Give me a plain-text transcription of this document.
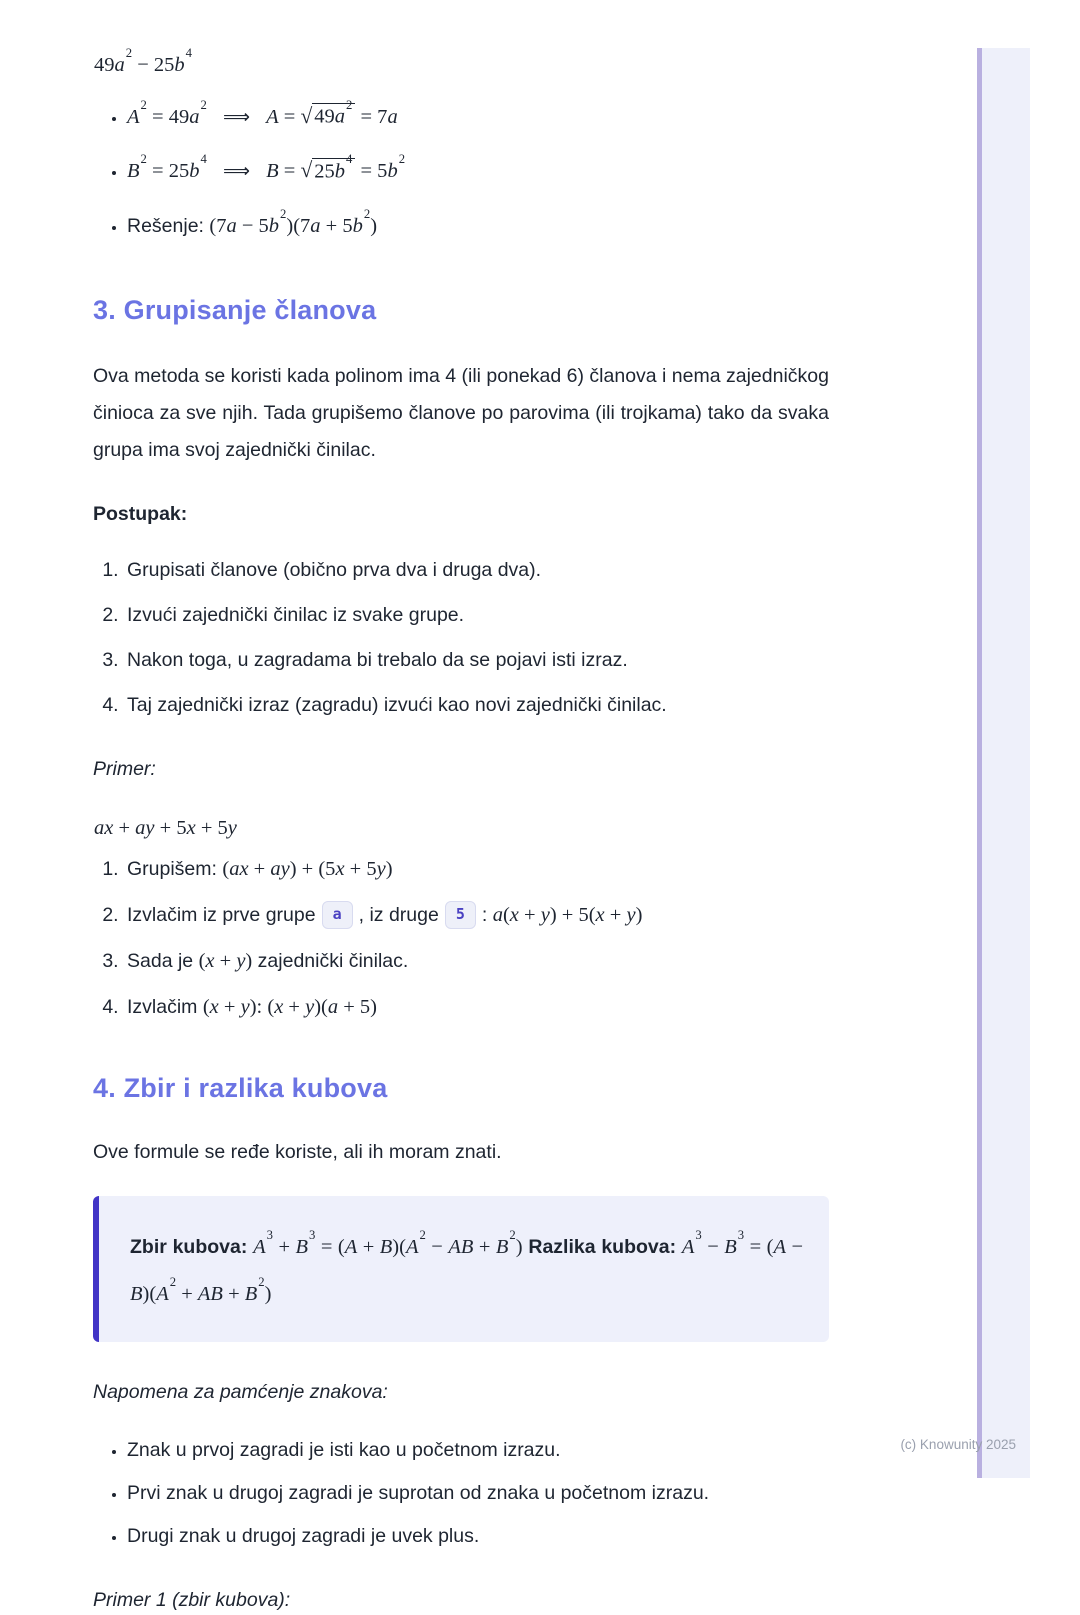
(c) Knowunity 2025
$49a^2 - 25b^4$
• $A^2 = 49a^2$ ⟹ $A = √49a^2 = 7a$
• $B^2 = 25b^4$ ⟹ $B = √25b^4 = 5b^2$
• Rešenje: $(7a - 5b^2)(7a + 5b^2)$
3. Grupisanje članova

Ova metoda se koristi kada polinom ima 4 (ili ponekad 6) članova i nema zajedničkog činioca za sve njih. Tada grupišemo članove po parovima (ili trojkama) tako da svaka grupa ima svoj zajednički činilac.

Postupak:

1. Grupisati članove (obično prva dva i druga dva).
2. Izvući zajednički činilac iz svake grupe.
3. Nakon toga, u zagradama bi trebalo da se pojavi isti izraz.
4. Taj zajednički izraz (zagradu) izvući kao novi zajednički činilac.

Primer:

ax + ay + 5x + 5y
1. Grupišem: (ax + ay) + (5x + 5y)
2. Izvlačim iz prve grupe a , iz druge 5 : a(x + y) + 5(x + y)
3. Sada je (x + y) zajednički činilac.
4. Izvlačim (x + y): (x + y)(a + 5)
4. Zbir i razlika kubova

Ove formule se ređe koriste, ali ih moram znati.

Zbir kubova: $A^3 + B^3 = (A + B)(A^2$ − AB + $B^2$) Razlika kubova: $A^3 - B^3 = (A - B)(A^2$ + AB + $B^2$)

Napomena za pamćenje znakova:

• Znak u prvoj zagradi je isti kao u početnom izrazu.
• Prvi znak u drugoj zagradi je suprotan od znaka u početnom izrazu.
• Drugi znak u drugoj zagradi je uvek plus.

Primer 1 (zbir kubova):
